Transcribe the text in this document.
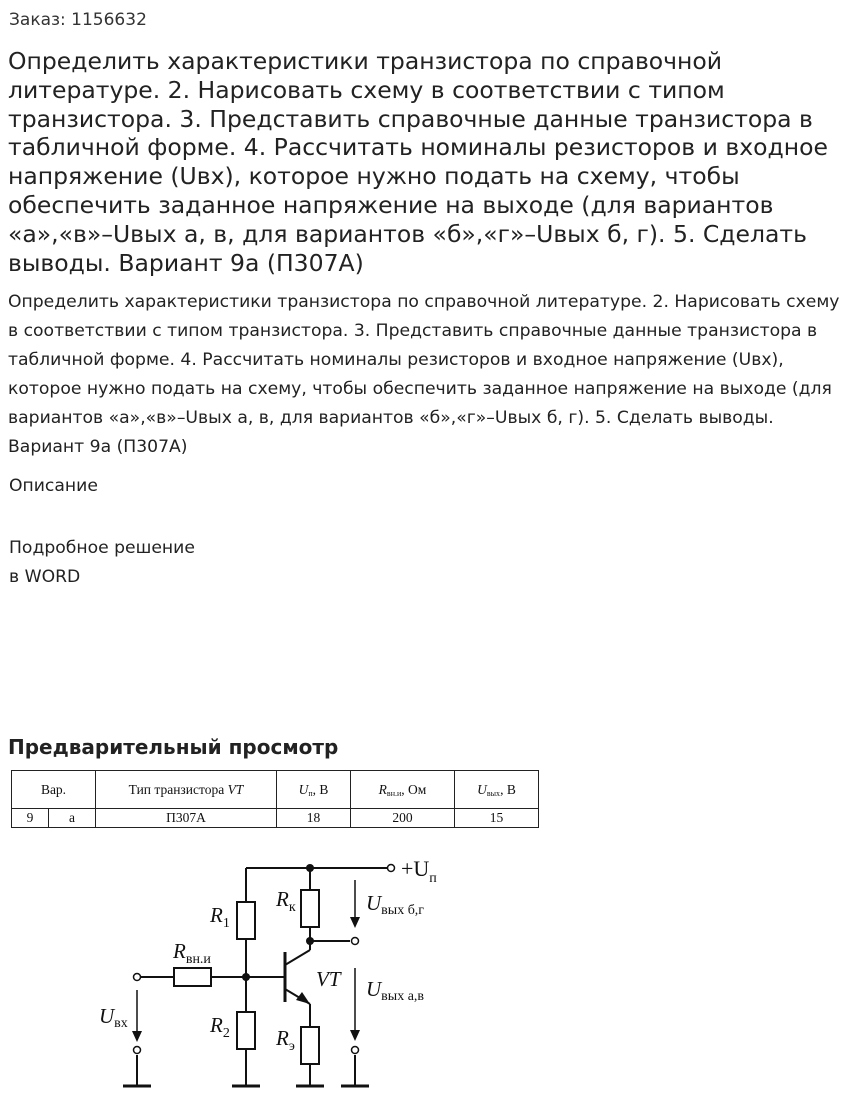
Заказ: 1156632
Определить характеристики транзистора по справочной литературе. 2. Нарисовать схему в соответствии с типом транзистора. 3. Представить справочные данные транзистора в табличной форме. 4. Рассчитать номиналы резисторов и входное напряжение (Uвх), которое нужно подать на схему, чтобы обеспечить заданное напряжение на выходе (для вариантов «а»,«в»–Uвых а, в, для вариантов «б»,«г»–Uвых б, г). 5. Сделать выводы. Вариант 9а (П307А)

Определить характеристики транзистора по справочной литературе. 2. Нарисовать схему в соответствии с типом транзистора. 3. Представить справочные данные транзистора в табличной форме. 4. Рассчитать номиналы резисторов и входное напряжение (Uвх), которое нужно подать на схему, чтобы обеспечить заданное напряжение на выходе (для вариантов «а»,«в»–Uвых а, в, для вариантов «б»,«г»–Uвых б, г). 5. Сделать выводы. Вариант 9а (П307А)

Описание
Подробное решение
в WORD
Предварительный просмотр
Вар.		Тип транзистора VT	$U_п$, В	$R_{вн.и}$, Ом	$U_{вых}$, В
9	а	П307А	18	200	15
$+U_п$
Uвых б,г
Uвых а,в
Uвх
$R_1$
$R_2$
$R_к$
$R_э$
$R_{вн.и}$
VT
